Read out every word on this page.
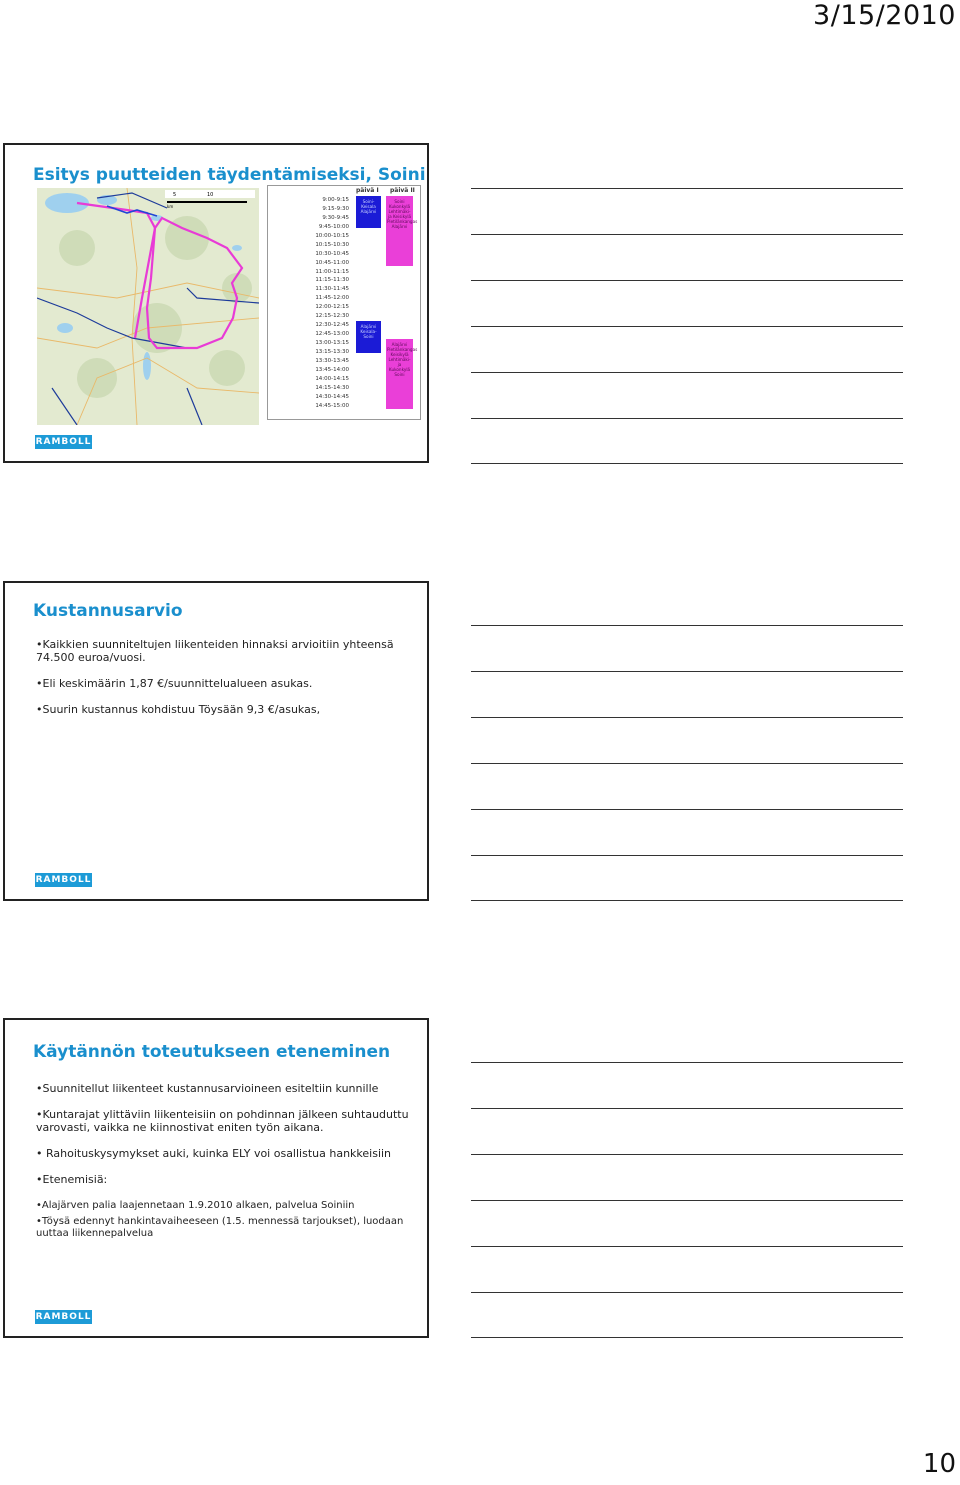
3/15/2010
Esitys puutteiden täydentämiseksi, Soini
5	10
km
päivä I päivä II
9:00-9:15
9:15-9:30
9:30-9:45
9:45-10:00
10:00-10:15
10:15-10:30
10:30-10:45
10:45-11:00
11:00-11:15
11:15-11:30
11:30-11:45
11:45-12:00
12:00-12:15
12:15-12:30
12:30-12:45
12:45-13:00
13:00-13:15
13:15-13:30
13:30-13:45
13:45-14:00
14:00-14:15
14:15-14:30
14:30-14:45
14:45-15:00
Soini-Keisala Alajärvi
Alajärvi Keisala-Soini
Soini Kukonkylä Lehtimäki-ja Keisikylä Pietilänkangas Alajärvi
Alajärvi Pietilänkangas Keisikylä Lehtimäki-ja Kukonkylä Soini
RAMBOLL
Kustannusarvio

•Kaikkien suunniteltujen liikenteiden hinnaksi arvioitiin yhteensä 74.500 euroa/vuosi.

•Eli keskimäärin 1,87 €/suunnittelualueen asukas.

•Suurin kustannus kohdistuu Töysään 9,3 €/asukas,

RAMBOLL
Käytännön toteutukseen eteneminen

•Suunnitellut liikenteet kustannusarvioineen esiteltiin kunnille

•Kuntarajat ylittäviin liikenteisiin on pohdinnan jälkeen suhtauduttu varovasti, vaikka ne kiinnostivat eniten työn aikana.

• Rahoituskysymykset auki, kuinka ELY voi osallistua hankkeisiin

•Etenemisiä:

•Alajärven palia laajennetaan 1.9.2010 alkaen, palvelua Soiniin

•Töysä edennyt hankintavaiheeseen (1.5. mennessä tarjoukset), luodaan uuttaa liikennepalvelua

RAMBOLL
10
